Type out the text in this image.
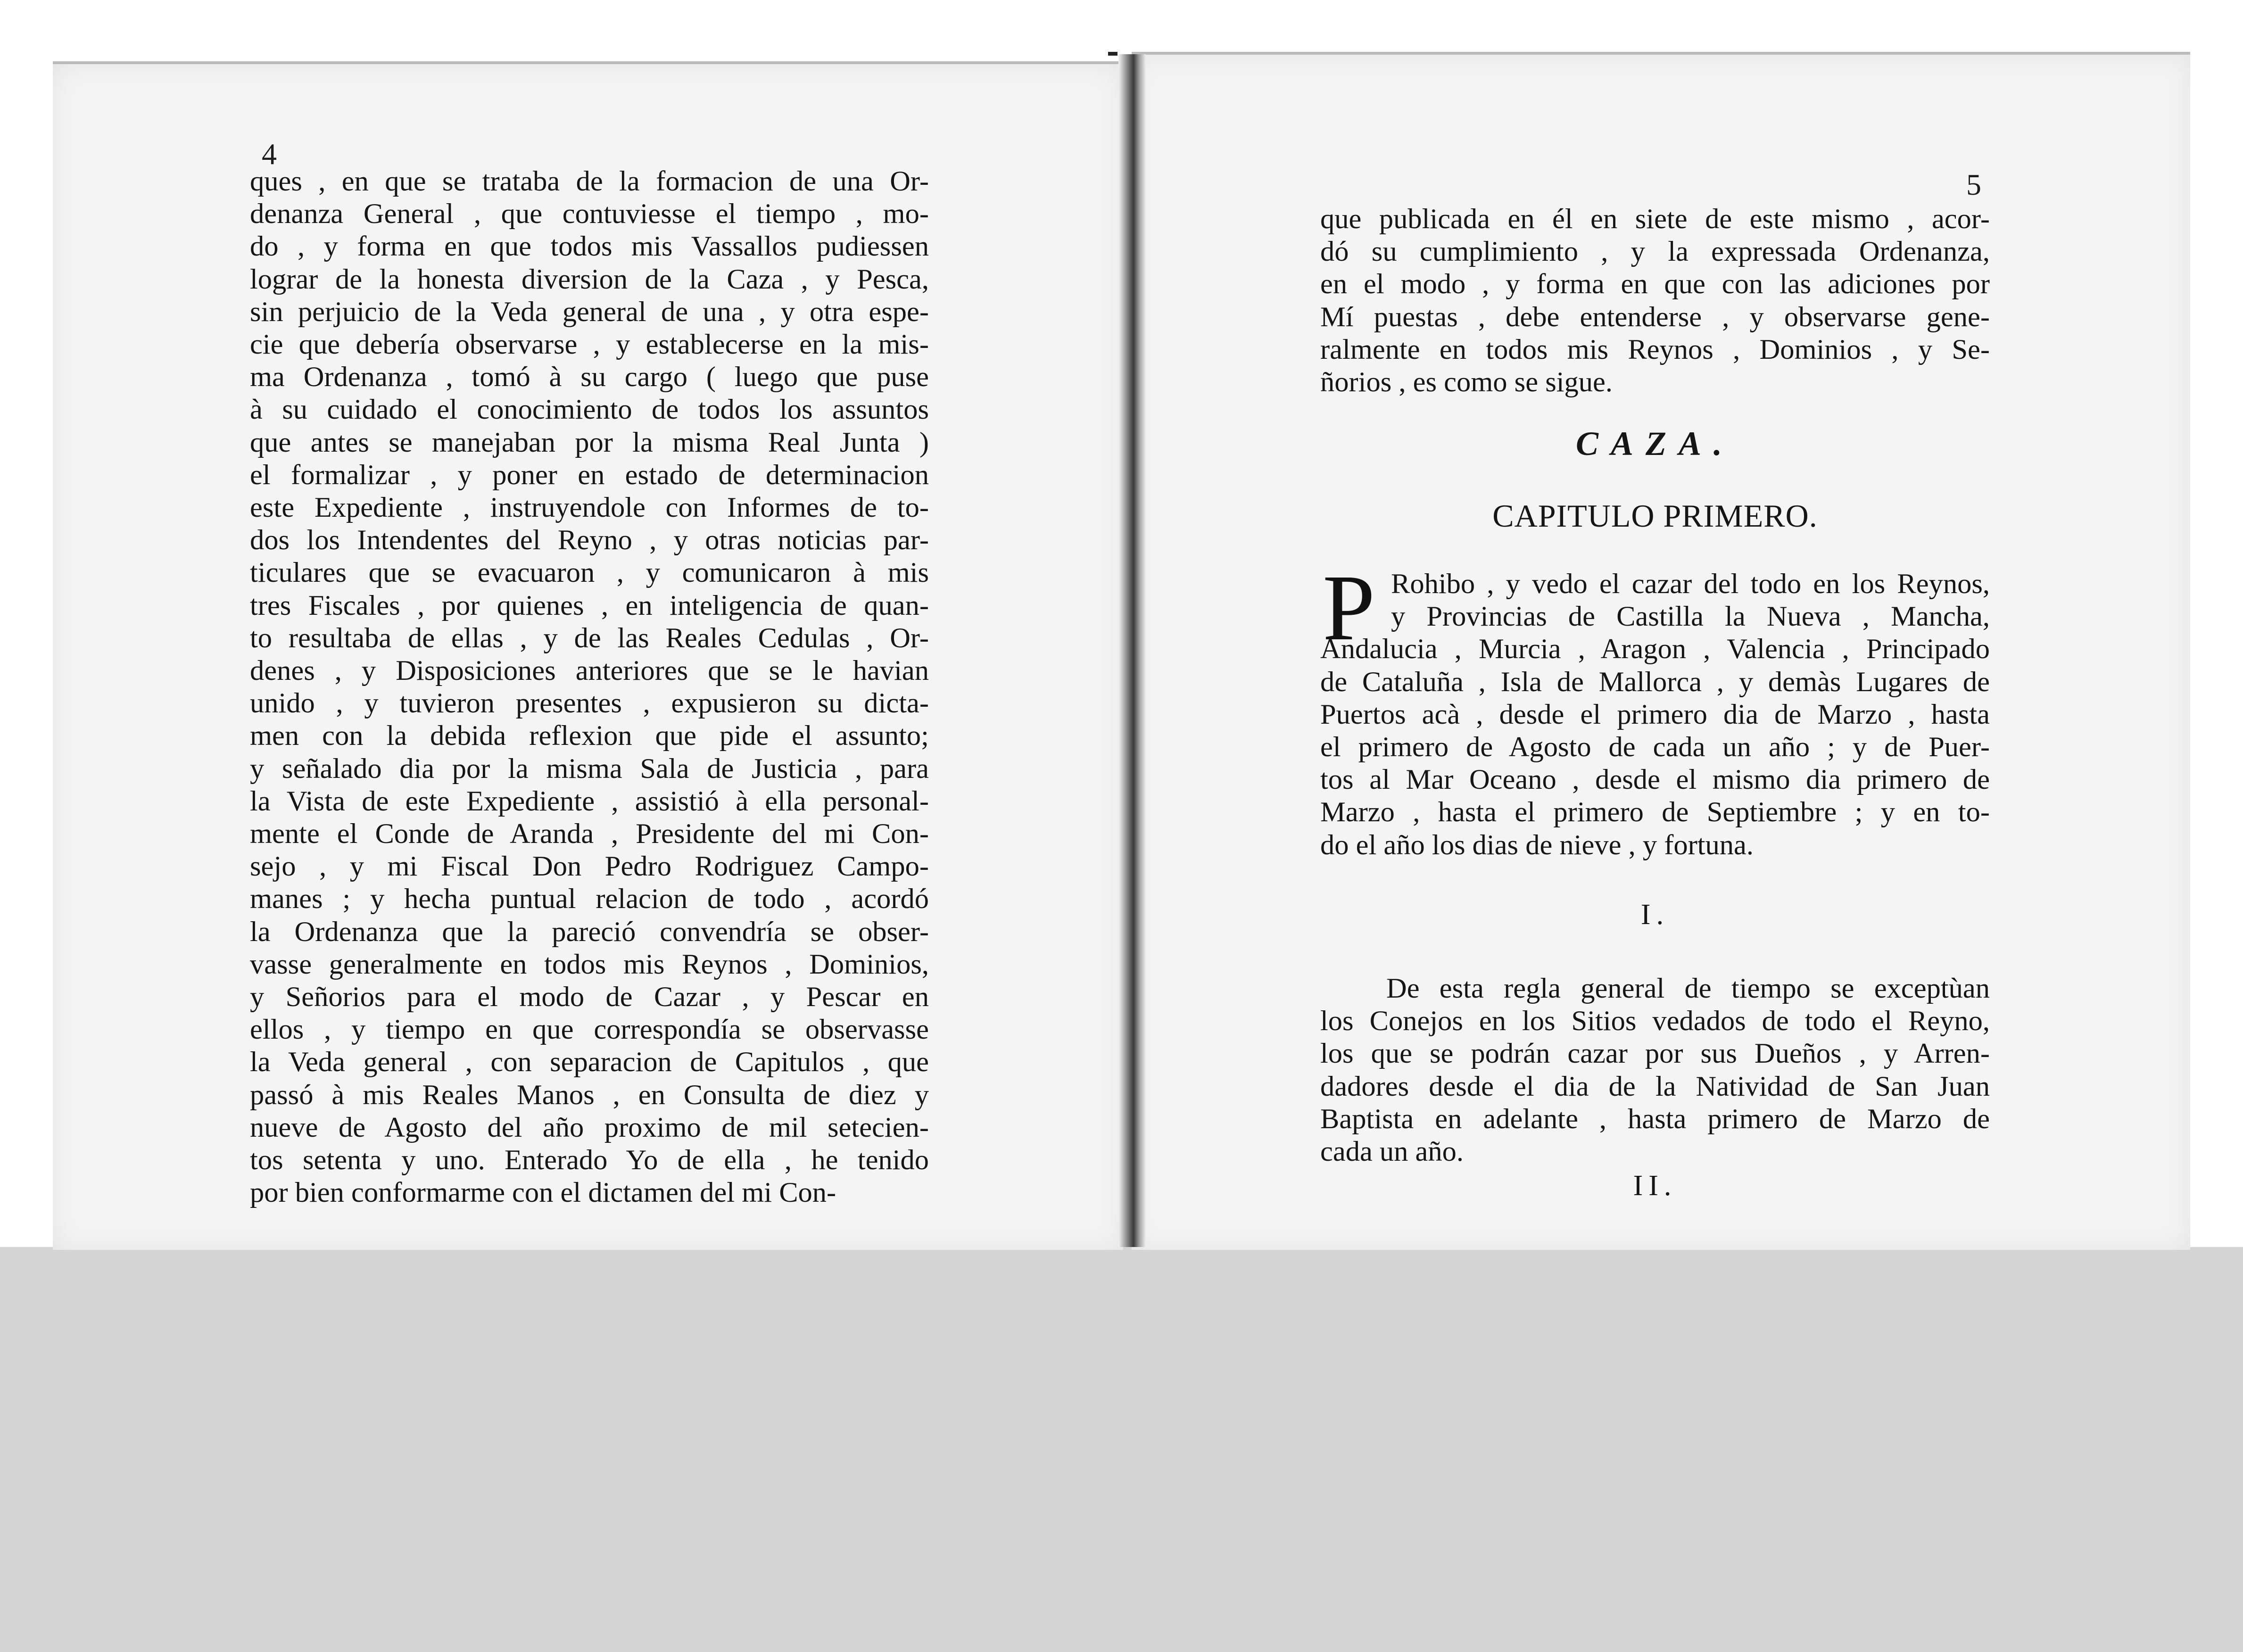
4

5

ques , en que se trataba de la formacion de una Or-
denanza General , que contuviesse el tiempo , mo-
do , y forma en que todos mis Vassallos pudiessen
lograr de la honesta diversion de la Caza , y Pesca,
sin perjuicio de la Veda general de una , y otra espe-
cie que debería observarse , y establecerse en la mis-
ma Ordenanza , tomó à su cargo ( luego que puse
à su cuidado el conocimiento de todos los assuntos
que antes se manejaban por la misma Real Junta )
el formalizar , y poner en estado de determinacion
este Expediente , instruyendole con Informes de to-
dos los Intendentes del Reyno , y otras noticias par-
ticulares que se evacuaron , y comunicaron à mis
tres Fiscales , por quienes , en inteligencia de quan-
to resultaba de ellas , y de las Reales Cedulas , Or-
denes , y Disposiciones anteriores que se le havian
unido , y tuvieron presentes , expusieron su dicta-
men con la debida reflexion que pide el assunto;
y señalado dia por la misma Sala de Justicia , para
la Vista de este Expediente , assistió à ella personal-
mente el Conde de Aranda , Presidente del mi Con-
sejo , y mi Fiscal Don Pedro Rodriguez Campo-
manes ; y hecha puntual relacion de todo , acordó
la Ordenanza que la pareció convendría se obser-
vasse generalmente en todos mis Reynos , Dominios,
y Señorios para el modo de Cazar , y Pescar en
ellos , y tiempo en que correspondía se observasse
la Veda general , con separacion de Capitulos , que
passó à mis Reales Manos , en Consulta de diez y
nueve de Agosto del año proximo de mil setecien-
tos setenta y uno. Enterado Yo de ella , he tenido
por bien conformarme con el dictamen del mi Con-
que publicada en él en siete de este mismo , acor-
dó su cumplimiento , y la expressada Ordenanza,
en el modo , y forma en que con las adiciones por
Mí puestas , debe entenderse , y observarse gene-
ralmente en todos mis Reynos , Dominios , y Se-
ñorios , es como se sigue.

CAZA.

CAPITULO PRIMERO.

P Rohibo , y vedo el cazar del todo en los Reynos,
y Provincias de Castilla la Nueva , Mancha,
Andalucia , Murcia , Aragon , Valencia , Principado
de Cataluña , Isla de Mallorca , y demàs Lugares de
Puertos acà , desde el primero dia de Marzo , hasta
el primero de Agosto de cada un año ; y de Puer-
tos al Mar Oceano , desde el mismo dia primero de
Marzo , hasta el primero de Septiembre ; y en to-
do el año los dias de nieve , y fortuna.

I.

De esta regla general de tiempo se exceptùan
los Conejos en los Sitios vedados de todo el Reyno,
los que se podrán cazar por sus Dueños , y Arren-
dadores desde el dia de la Natividad de San Juan
Baptista en adelante , hasta primero de Marzo de
cada un año.

II.
